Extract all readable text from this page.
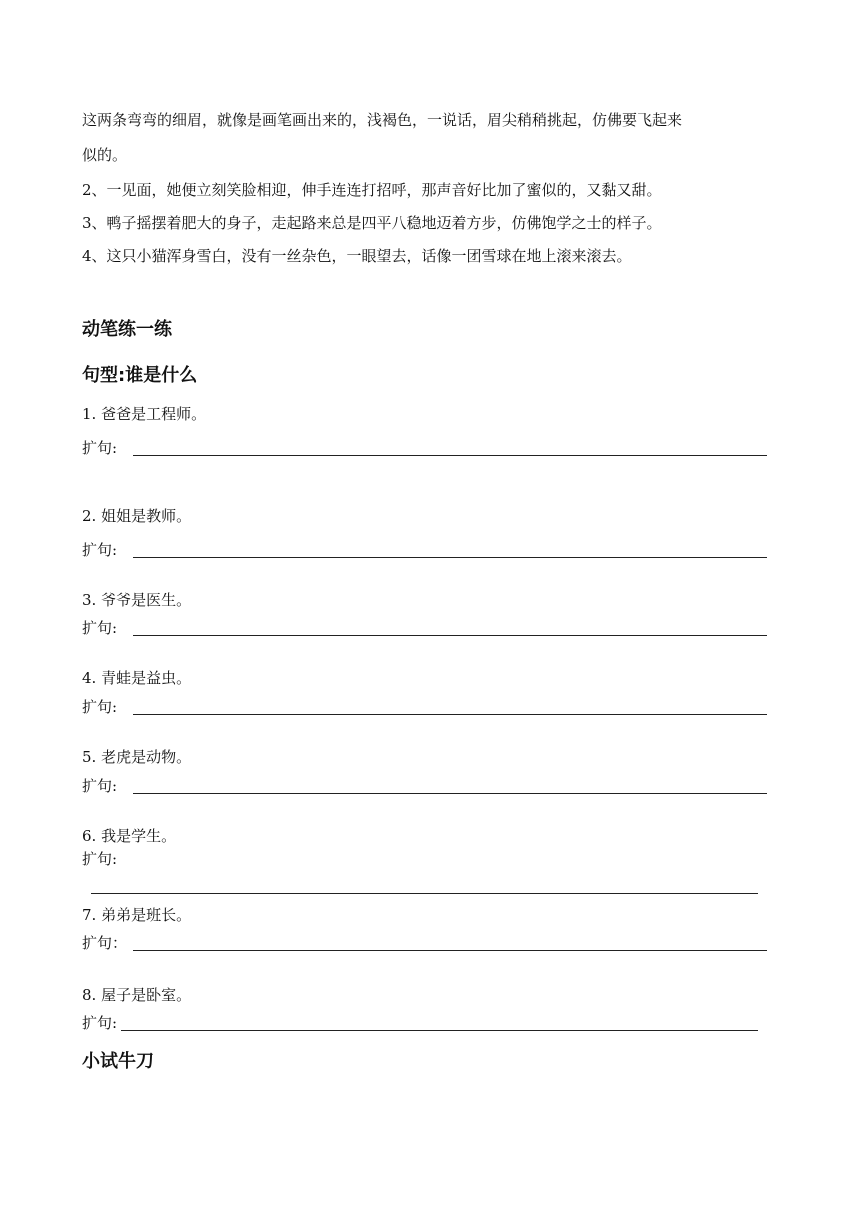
这两条弯弯的细眉，就像是画笔画出来的，浅褐色，一说话，眉尖稍稍挑起，仿佛要飞起来
似的。
2、一见面，她便立刻笑脸相迎，伸手连连打招呼，那声音好比加了蜜似的，又黏又甜。
3、鸭子摇摆着肥大的身子，走起路来总是四平八稳地迈着方步，仿佛饱学之士的样子。
4、这只小猫浑身雪白，没有一丝杂色，一眼望去，话像一团雪球在地上滚来滚去。
动笔练一练
句型:谁是什么
1. 爸爸是工程师。
扩句:
2. 姐姐是教师。
扩句:
3. 爷爷是医生。
扩句:
4. 青蛙是益虫。
扩句:
5. 老虎是动物。
扩句:
6. 我是学生。
扩句:
7. 弟弟是班长。
扩句：
8. 屋子是卧室。
扩句:
小试牛刀
